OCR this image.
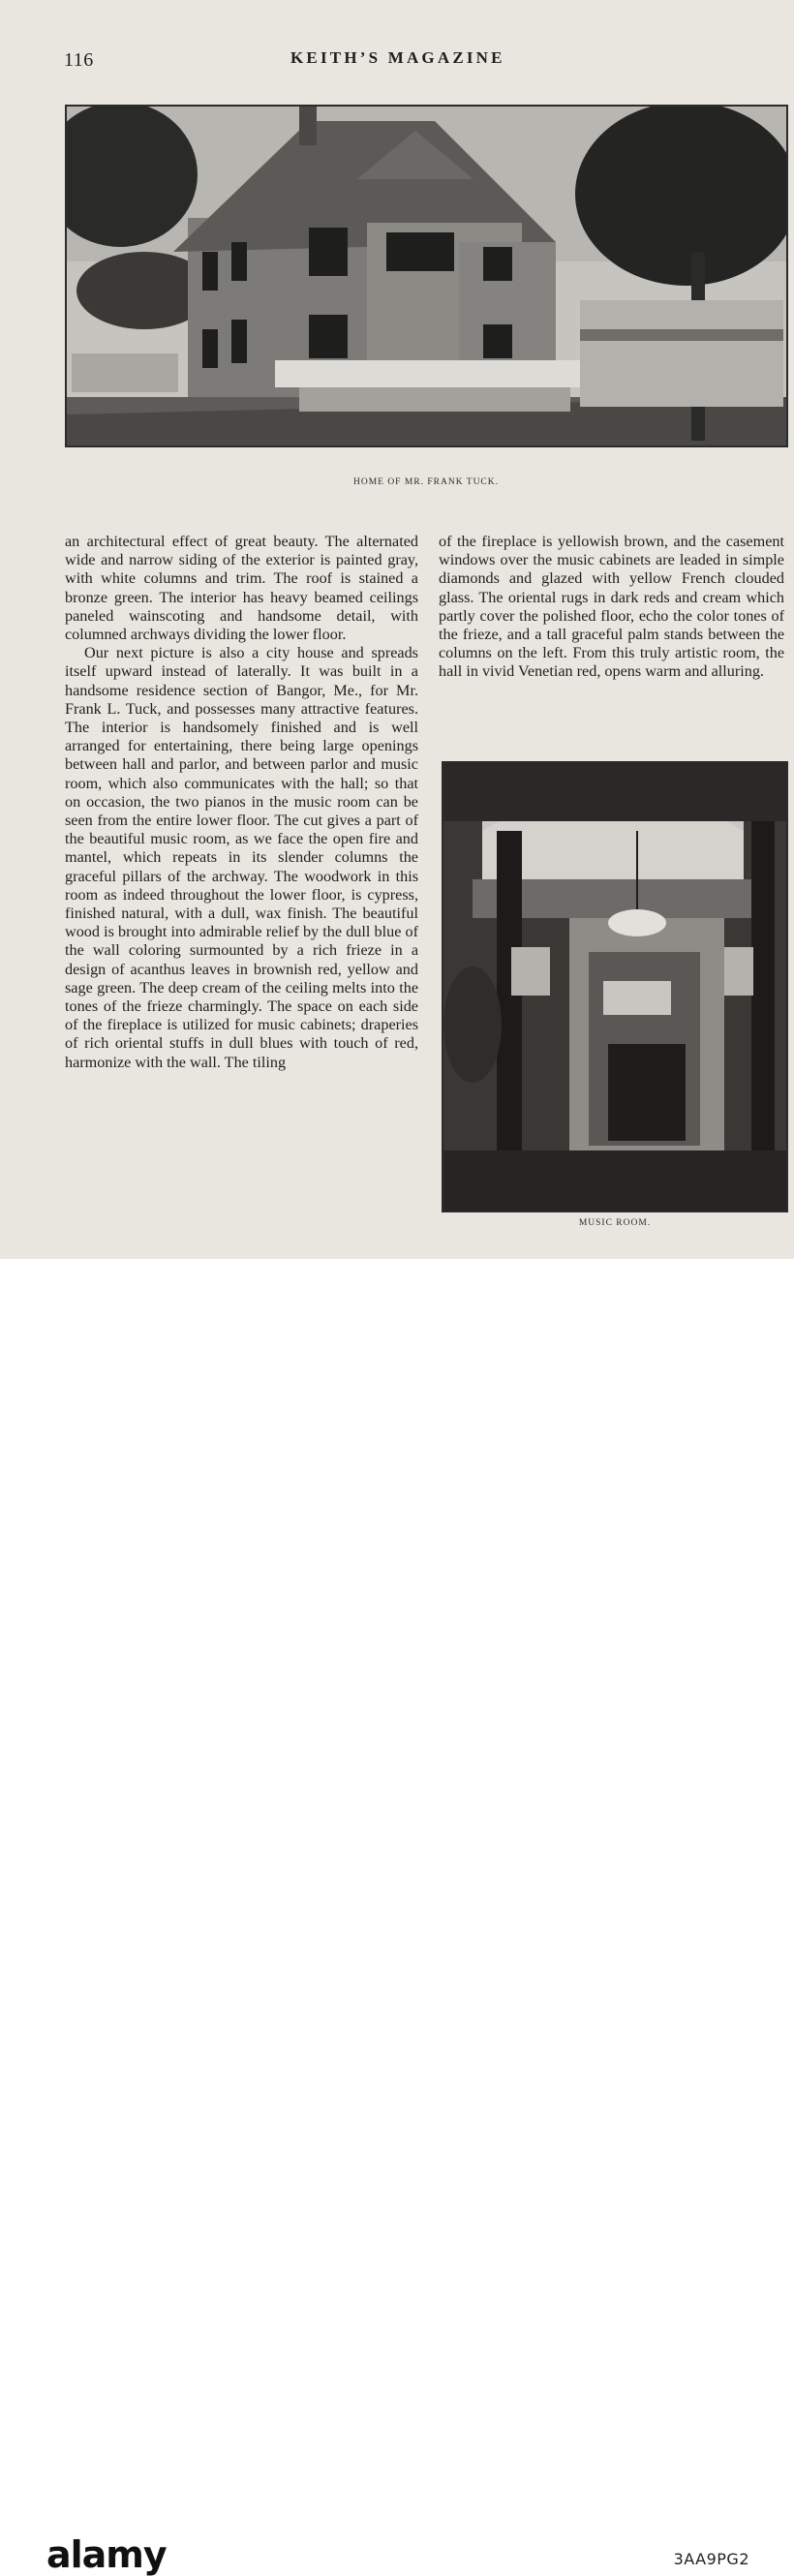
116	KEITH’S MAGAZINE
HOME OF MR. FRANK TUCK.

an architectural effect of great beauty. The alternated wide and narrow siding of the exterior is painted gray, with white columns and trim. The roof is stained a bronze green. The interior has heavy beamed ceilings paneled wainscoting and handsome detail, with columned archways dividing the lower floor.

Our next picture is also a city house and spreads itself upward instead of laterally. It was built in a handsome residence section of Bangor, Me., for Mr. Frank L. Tuck, and possesses many attractive features. The interior is handsomely finished and is well arranged for entertaining, there being large openings between hall and parlor, and between parlor and music room, which also communicates with the hall; so that on occasion, the two pianos in the music room can be seen from the entire lower floor. The cut gives a part of the beautiful music room, as we face the open fire and mantel, which repeats in its slender columns the graceful pillars of the archway. The woodwork in this room as indeed throughout the lower floor, is cypress, finished natural, with a dull, wax finish. The beautiful wood is brought into admirable relief by the dull blue of the wall coloring surmounted by a rich frieze in a design of acanthus leaves in brownish red, yellow and sage green. The deep cream of the ceiling melts into the tones of the frieze charmingly. The space on each side of the fireplace is utilized for music cabinets; draperies of rich oriental stuffs in dull blues with touch of red, harmonize with the wall. The tiling

of the fireplace is yellowish brown, and the casement windows over the music cabinets are leaded in simple diamonds and glazed with yellow French clouded glass. The oriental rugs in dark reds and cream which partly cover the polished floor, echo the color tones of the frieze, and a tall graceful palm stands between the columns on the left. From this truly artistic room, the hall in vivid Venetian red, opens warm and alluring.

MUSIC ROOM.
alamy	3AA9PG2
